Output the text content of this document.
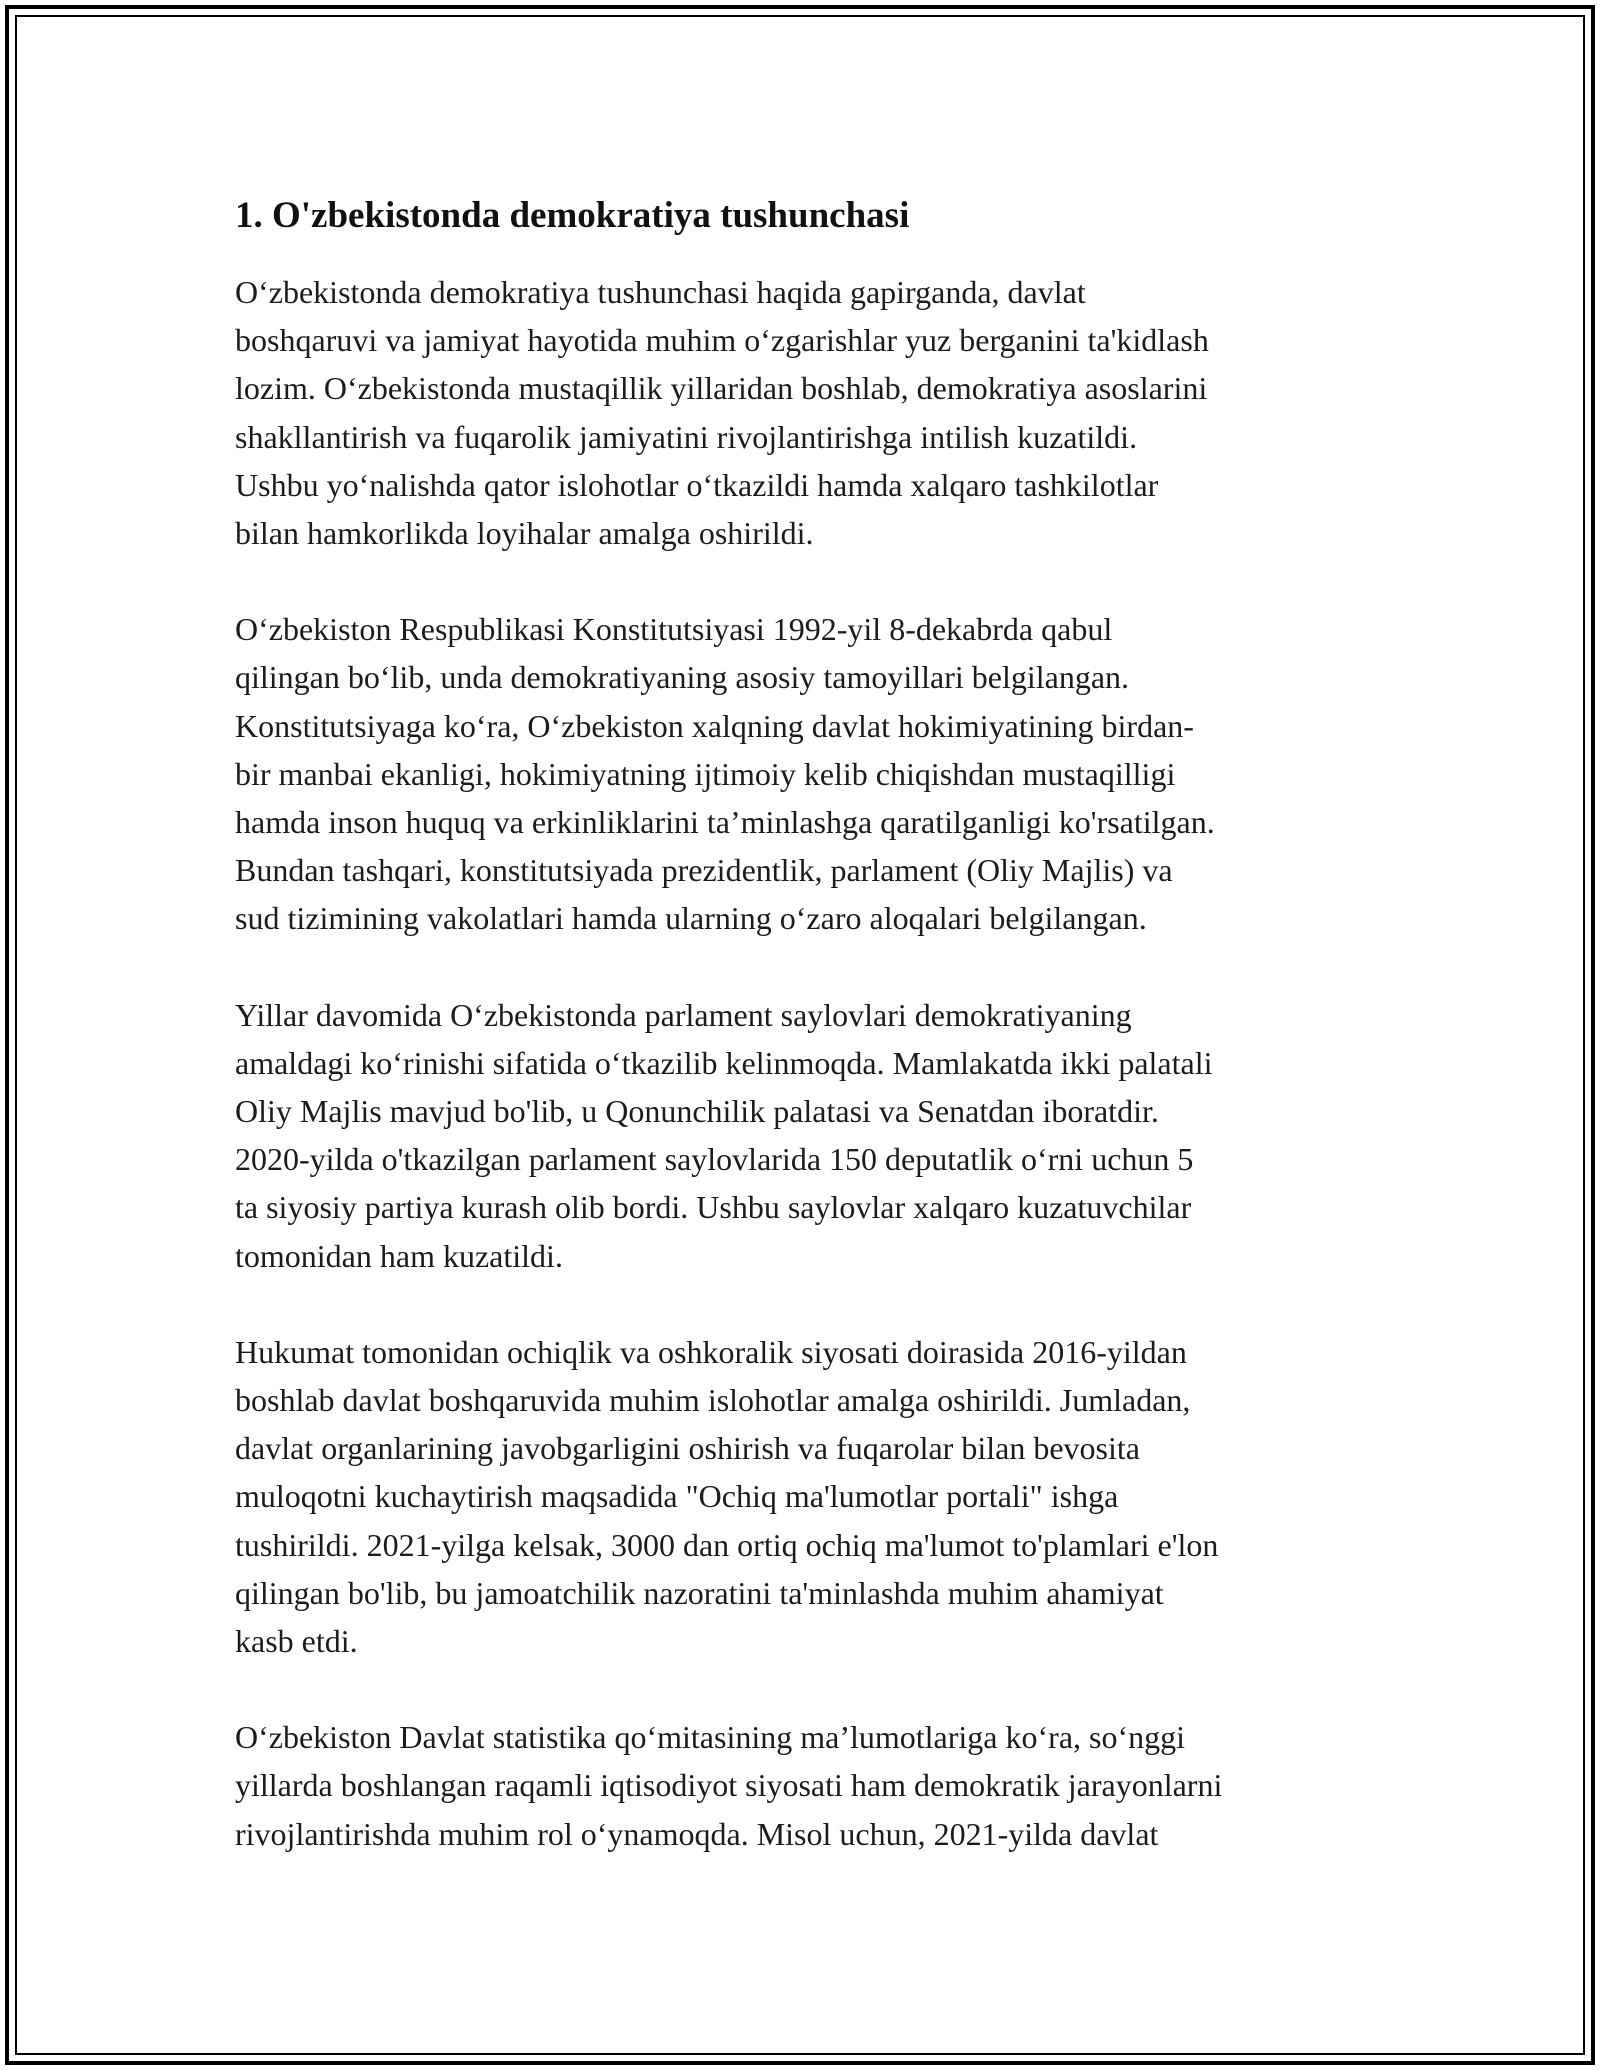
1. O'zbekistonda demokratiya tushunchasi

O‘zbekistonda demokratiya tushunchasi haqida gapirganda, davlat
boshqaruvi va jamiyat hayotida muhim o‘zgarishlar yuz berganini ta'kidlash
lozim. O‘zbekistonda mustaqillik yillaridan boshlab, demokratiya asoslarini
shakllantirish va fuqarolik jamiyatini rivojlantirishga intilish kuzatildi.
Ushbu yo‘nalishda qator islohotlar o‘tkazildi hamda xalqaro tashkilotlar
bilan hamkorlikda loyihalar amalga oshirildi.

O‘zbekiston Respublikasi Konstitutsiyasi 1992-yil 8-dekabrda qabul
qilingan bo‘lib, unda demokratiyaning asosiy tamoyillari belgilangan.
Konstitutsiyaga ko‘ra, O‘zbekiston xalqning davlat hokimiyatining birdan-
bir manbai ekanligi, hokimiyatning ijtimoiy kelib chiqishdan mustaqilligi
hamda inson huquq va erkinliklarini ta’minlashga qaratilganligi ko'rsatilgan.
Bundan tashqari, konstitutsiyada prezidentlik, parlament (Oliy Majlis) va
sud tizimining vakolatlari hamda ularning o‘zaro aloqalari belgilangan.

Yillar davomida O‘zbekistonda parlament saylovlari demokratiyaning
amaldagi ko‘rinishi sifatida o‘tkazilib kelinmoqda. Mamlakatda ikki palatali
Oliy Majlis mavjud bo'lib, u Qonunchilik palatasi va Senatdan iboratdir.
2020-yilda o'tkazilgan parlament saylovlarida 150 deputatlik o‘rni uchun 5
ta siyosiy partiya kurash olib bordi. Ushbu saylovlar xalqaro kuzatuvchilar
tomonidan ham kuzatildi.

Hukumat tomonidan ochiqlik va oshkoralik siyosati doirasida 2016-yildan
boshlab davlat boshqaruvida muhim islohotlar amalga oshirildi. Jumladan,
davlat organlarining javobgarligini oshirish va fuqarolar bilan bevosita
muloqotni kuchaytirish maqsadida "Ochiq ma'lumotlar portali" ishga
tushirildi. 2021-yilga kelsak, 3000 dan ortiq ochiq ma'lumot to'plamlari e'lon
qilingan bo'lib, bu jamoatchilik nazoratini ta'minlashda muhim ahamiyat
kasb etdi.

O‘zbekiston Davlat statistika qo‘mitasining ma’lumotlariga ko‘ra, so‘nggi
yillarda boshlangan raqamli iqtisodiyot siyosati ham demokratik jarayonlarni
rivojlantirishda muhim rol o‘ynamoqda. Misol uchun, 2021-yilda davlat
